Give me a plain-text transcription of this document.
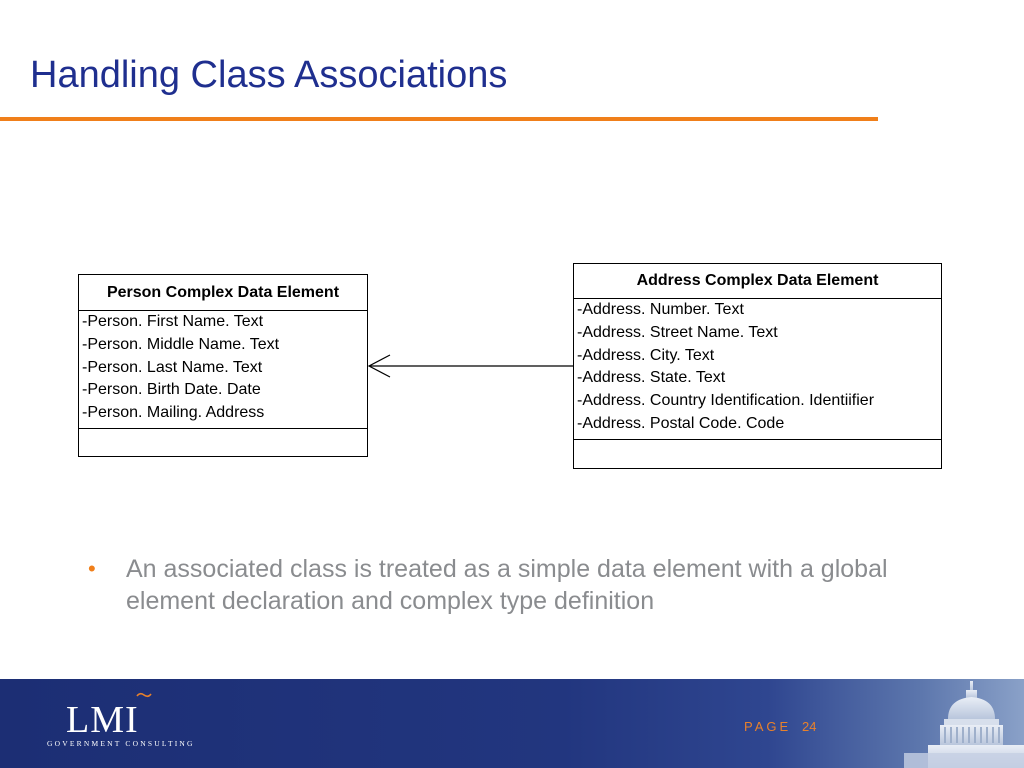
Handling Class Associations
Person Complex Data Element
-Person. First Name. Text
-Person. Middle Name. Text
-Person. Last Name. Text
-Person. Birth Date. Date
-Person. Mailing. Address
Address Complex Data Element
-Address. Number. Text
-Address. Street Name. Text
-Address. City. Text
-Address. State. Text
-Address. Country Identification. Identiifier
-Address. Postal Code. Code
• An associated class is treated as a simple data element with a global element declaration and complex type definition
LMI
GOVERNMENT CONSULTING
PAGE 24
